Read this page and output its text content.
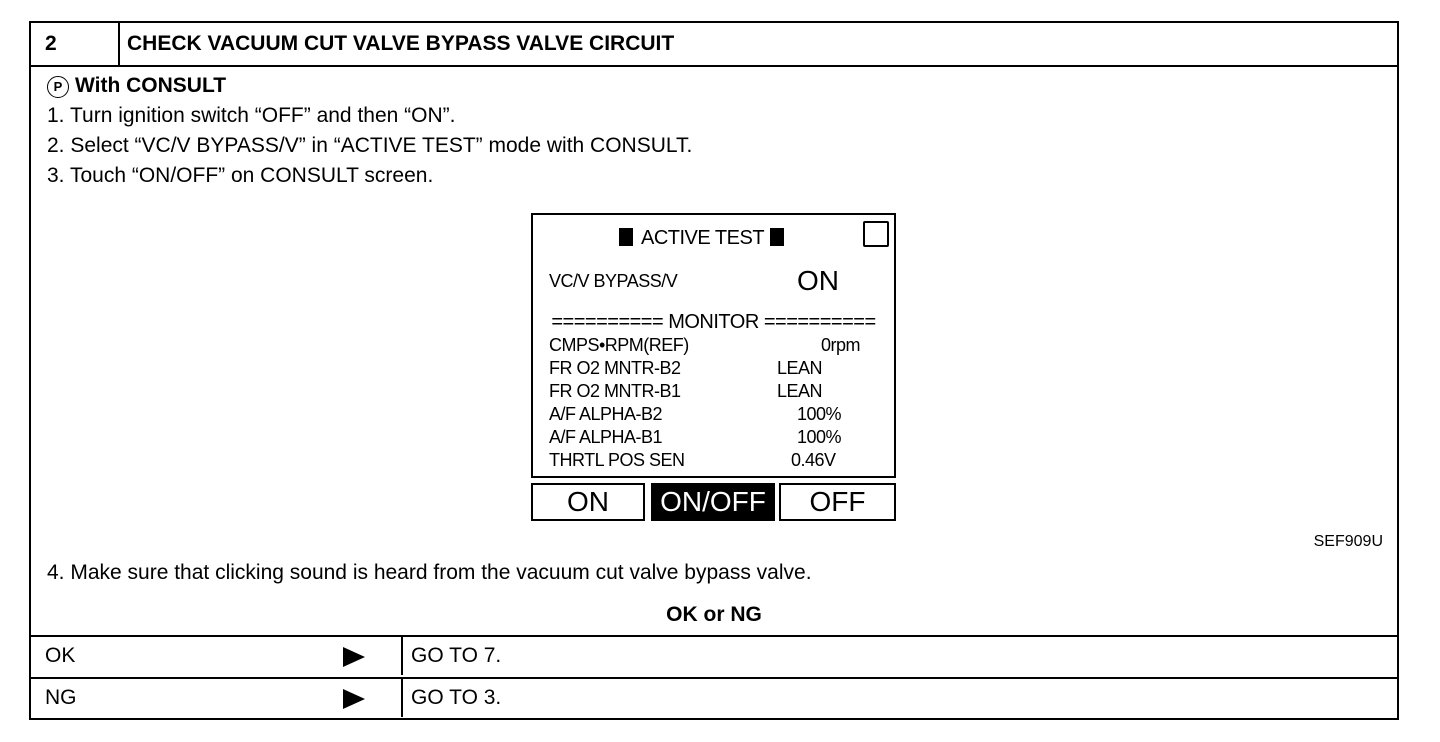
2	CHECK VACUUM CUT VALVE BYPASS VALVE CIRCUIT
P With CONSULT
1. Turn ignition switch “OFF” and then “ON”.
2. Select “VC/V BYPASS/V” in “ACTIVE TEST” mode with CONSULT.
3. Touch “ON/OFF” on CONSULT screen.
ACTIVE TEST
VC/V BYPASS/V	ON
========== MONITOR ==========
CMPS•RPM(REF)	0rpm
FR O2 MNTR-B2	LEAN
FR O2 MNTR-B1	LEAN
A/F ALPHA-B2	100%
A/F ALPHA-B1	100%
THRTL POS SEN	0.46V
ON	ON/OFF	OFF
SEF909U
4. Make sure that clicking sound is heard from the vacuum cut valve bypass valve.
OK or NG
OK	GO TO 7.
NG	GO TO 3.
